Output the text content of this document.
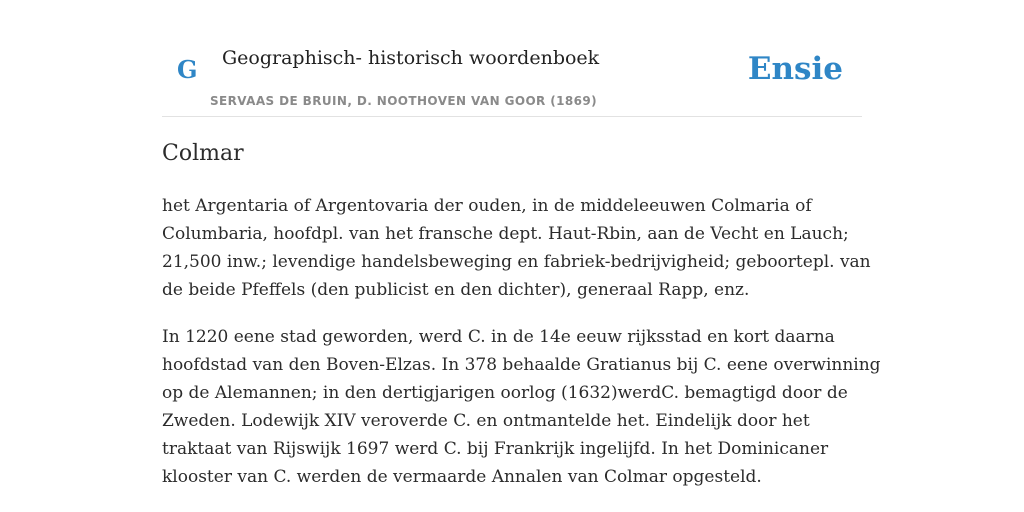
G Geographisch- historisch woordenboek
SERVAAS DE BRUIN, D. NOOTHOVEN VAN GOOR (1869)
Ensie
Colmar

het Argentaria of Argentovaria der ouden, in de middeleeuwen Colmaria of
Columbaria, hoofdpl. van het fransche dept. Haut-Rbin, aan de Vecht en Lauch;
21,500 inw.; levendige handelsbeweging en fabriek-bedrijvigheid; geboortepl. van
de beide Pfeffels (den publicist en den dichter), generaal Rapp, enz.

In 1220 eene stad geworden, werd C. in de 14e eeuw rijksstad en kort daarna
hoofdstad van den Boven-Elzas. In 378 behaalde Gratianus bij C. eene overwinning
op de Alemannen; in den dertigjarigen oorlog (1632)werdC. bemagtigd door de
Zweden. Lodewijk XIV veroverde C. en ontmantelde het. Eindelijk door het
traktaat van Rijswijk 1697 werd C. bij Frankrijk ingelijfd. In het Dominicaner
klooster van C. werden de vermaarde Annalen van Colmar opgesteld.
